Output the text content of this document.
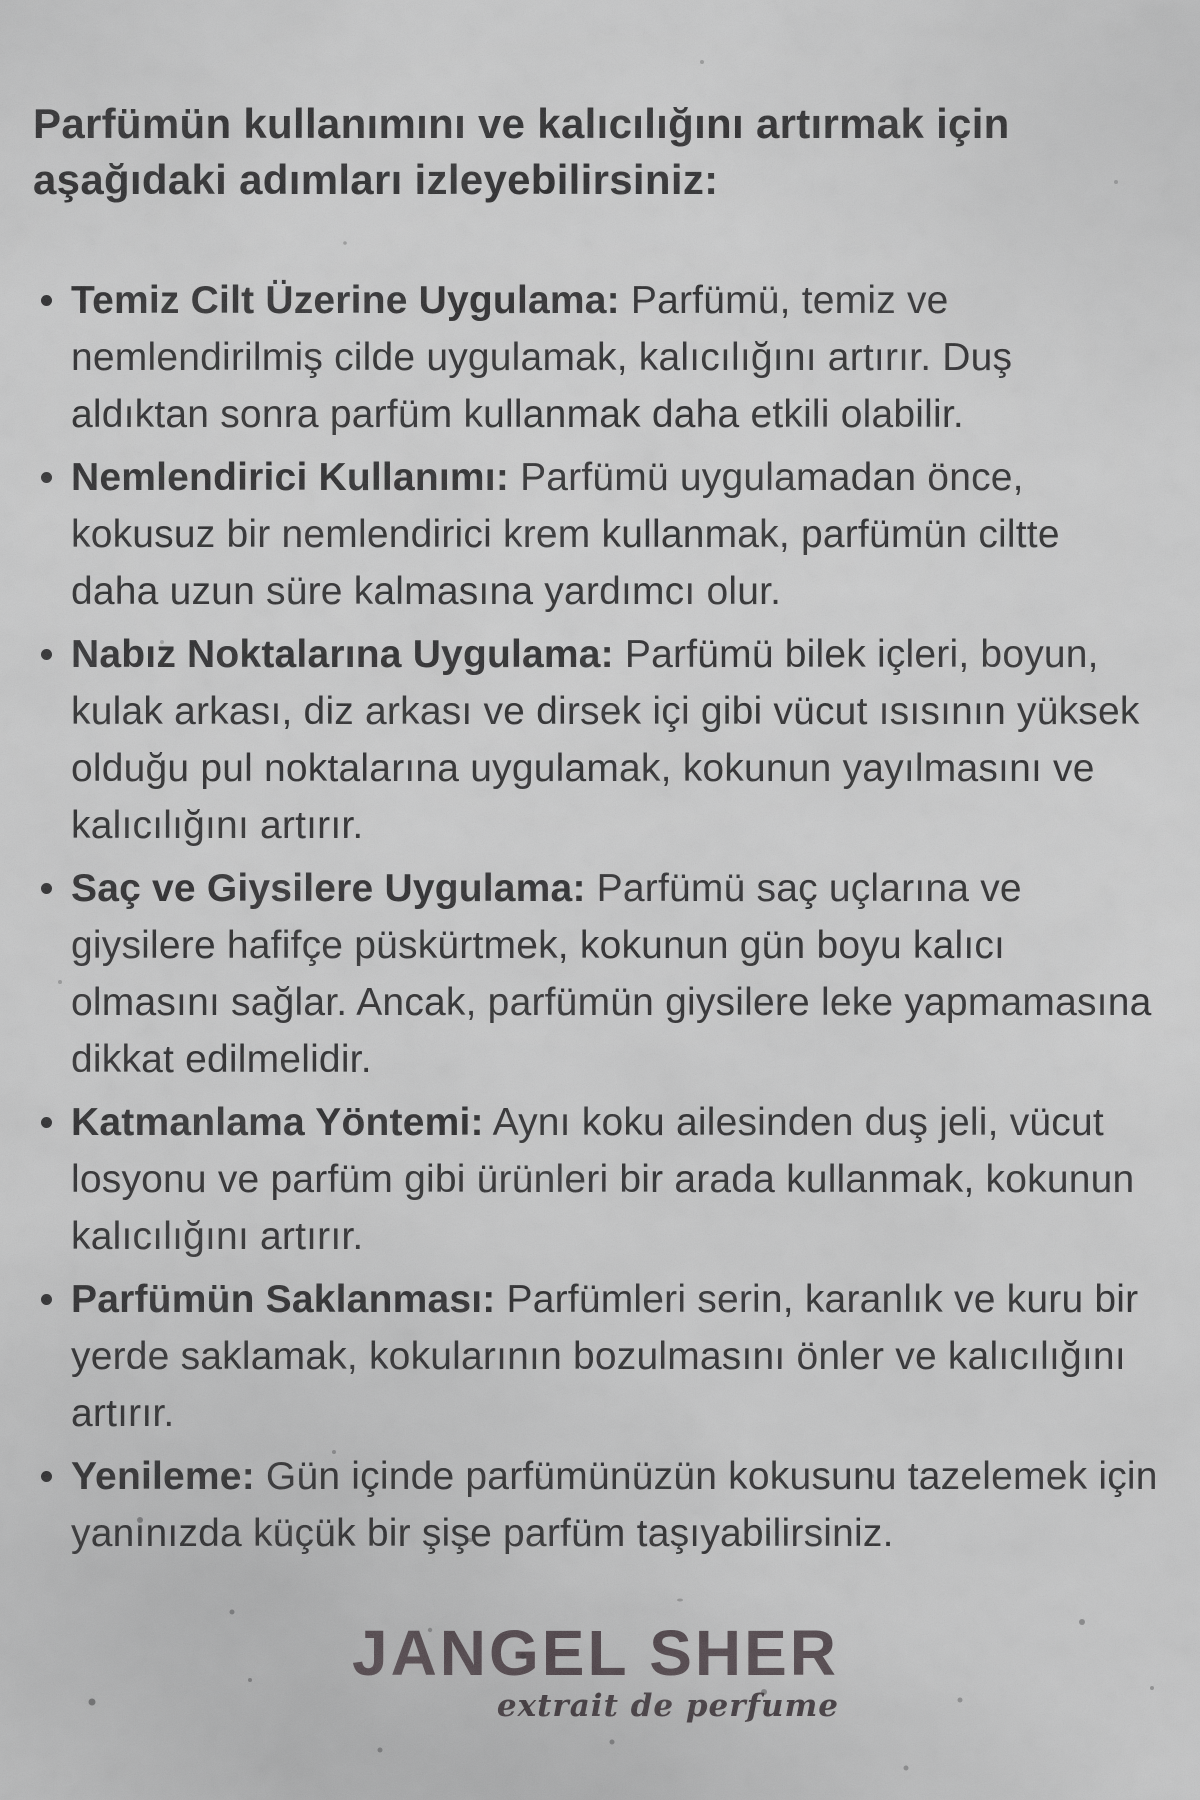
Parfümün kullanımını ve kalıcılığını artırmak için
aşağıdaki adımları izleyebilirsiniz:

Temiz Cilt Üzerine Uygulama: Parfümü, temiz ve nemlendirilmiş cilde uygulamak, kalıcılığını artırır. Duş aldıktan sonra parfüm kullanmak daha etkili olabilir.
Nemlendirici Kullanımı: Parfümü uygulamadan önce, kokusuz bir nemlendirici krem kullanmak, parfümün ciltte daha uzun süre kalmasına yardımcı olur.
Nabız Noktalarına Uygulama: Parfümü bilek içleri, boyun, kulak arkası, diz arkası ve dirsek içi gibi vücut ısısının yüksek olduğu pul noktalarına uygulamak, kokunun yayılmasını ve kalıcılığını artırır.
Saç ve Giysilere Uygulama: Parfümü saç uçlarına ve giysilere hafifçe püskürtmek, kokunun gün boyu kalıcı olmasını sağlar. Ancak, parfümün giysilere leke yapmamasına dikkat edilmelidir.
Katmanlama Yöntemi: Aynı koku ailesinden duş jeli, vücut losyonu ve parfüm gibi ürünleri bir arada kullanmak, kokunun kalıcılığını artırır.
Parfümün Saklanması: Parfümleri serin, karanlık ve kuru bir yerde saklamak, kokularının bozulmasını önler ve kalıcılığını artırır.
Yenileme: Gün içinde parfümünüzün kokusunu tazelemek için yanınızda küçük bir şişe parfüm taşıyabilirsiniz.
JANGEL SHER
extrait de perfume
